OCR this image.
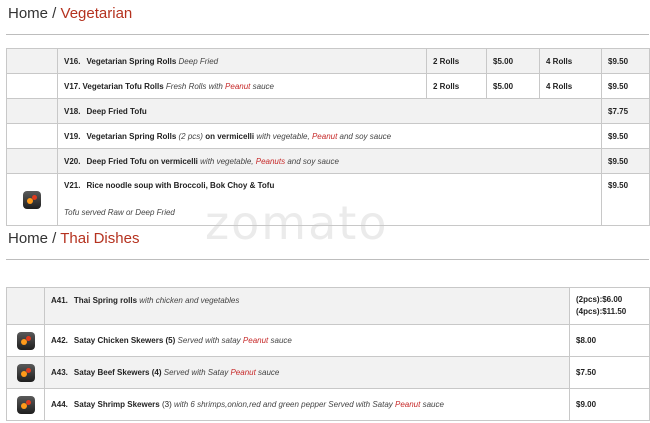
Home / Vegetarian
zomato
	V16. Vegetarian Spring Rolls Deep Fried	2 Rolls	$5.00	4 Rolls	$9.50
	V17. Vegetarian Tofu Rolls Fresh Rolls with Peanut sauce	2 Rolls	$5.00	4 Rolls	$9.50
	V18. Deep Fried Tofu				$7.75
	V19. Vegetarian Spring Rolls (2 pcs) on vermicelli with vegetable, Peanut and soy sauce				$9.50
	V20. Deep Fried Tofu on vermicelli with vegetable, Peanuts and soy sauce				$9.50
	V21. Rice noodle soup with Broccoli, Bok Choy & Tofu
Tofu served Raw or Deep Fried				$9.50
Home / Thai Dishes
	A41. Thai Spring rolls with chicken and vegetables	(2pcs):$6.00
(4pcs):$11.50

	A42. Satay Chicken Skewers (5) Served with satay Peanut sauce	$8.00
	A43. Satay Beef Skewers (4) Served with Satay Peanut sauce	$7.50
	A44. Satay Shrimp Skewers (3) with 6 shrimps,onion,red and green pepper Served with Satay Peanut sauce	$9.00
